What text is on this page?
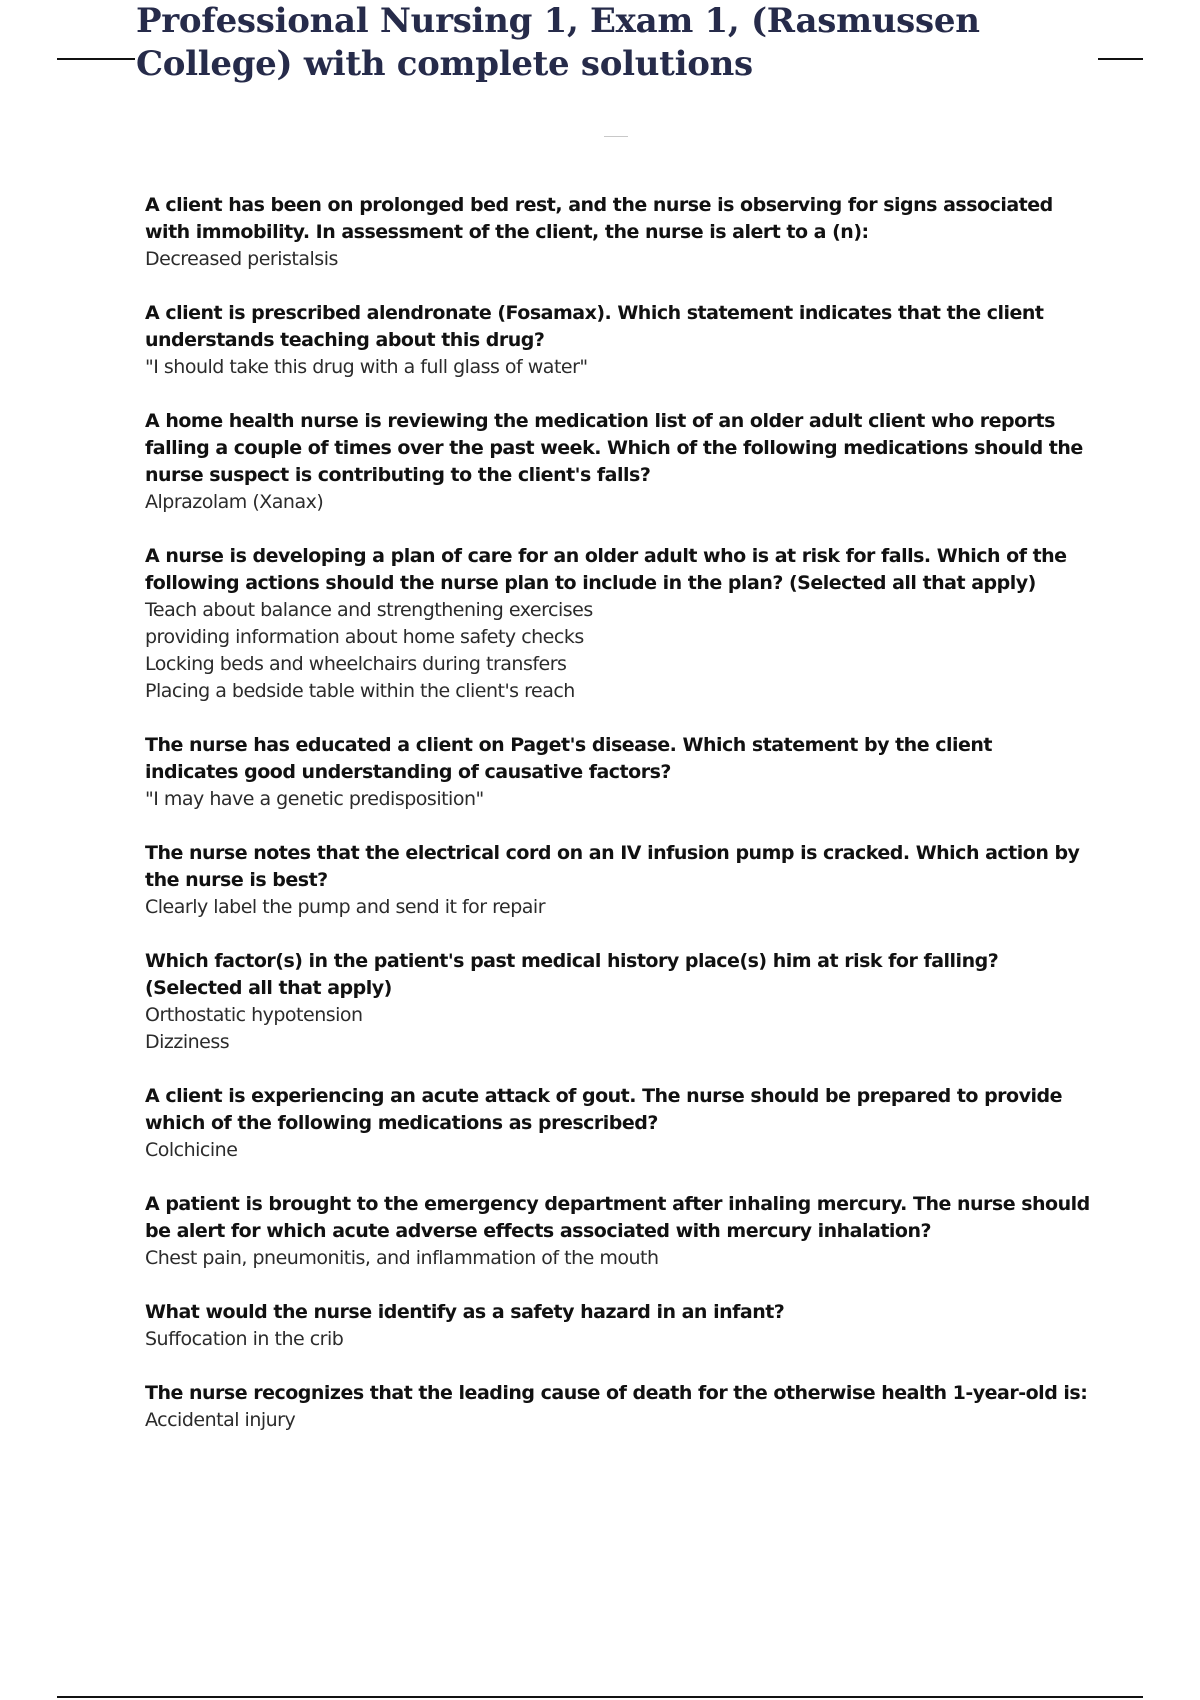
Professional Nursing 1, Exam 1, (Rasmussen College) with complete solutions
A client has been on prolonged bed rest, and the nurse is observing for signs associated with immobility. In assessment of the client, the nurse is alert to a (n):
Decreased peristalsis
A client is prescribed alendronate (Fosamax). Which statement indicates that the client understands teaching about this drug?
"I should take this drug with a full glass of water"
A home health nurse is reviewing the medication list of an older adult client who reports falling a couple of times over the past week. Which of the following medications should the nurse suspect is contributing to the client's falls?
Alprazolam (Xanax)
A nurse is developing a plan of care for an older adult who is at risk for falls. Which of the following actions should the nurse plan to include in the plan? (Selected all that apply)
Teach about balance and strengthening exercises
providing information about home safety checks
Locking beds and wheelchairs during transfers
Placing a bedside table within the client's reach
The nurse has educated a client on Paget's disease. Which statement by the client indicates good understanding of causative factors?
"I may have a genetic predisposition"
The nurse notes that the electrical cord on an IV infusion pump is cracked. Which action by the nurse is best?
Clearly label the pump and send it for repair
Which factor(s) in the patient's past medical history place(s) him at risk for falling? (Selected all that apply)
Orthostatic hypotension
Dizziness
A client is experiencing an acute attack of gout. The nurse should be prepared to provide which of the following medications as prescribed?
Colchicine
A patient is brought to the emergency department after inhaling mercury. The nurse should be alert for which acute adverse effects associated with mercury inhalation?
Chest pain, pneumonitis, and inflammation of the mouth
What would the nurse identify as a safety hazard in an infant?
Suffocation in the crib
The nurse recognizes that the leading cause of death for the otherwise health 1-year-old is:
Accidental injury
